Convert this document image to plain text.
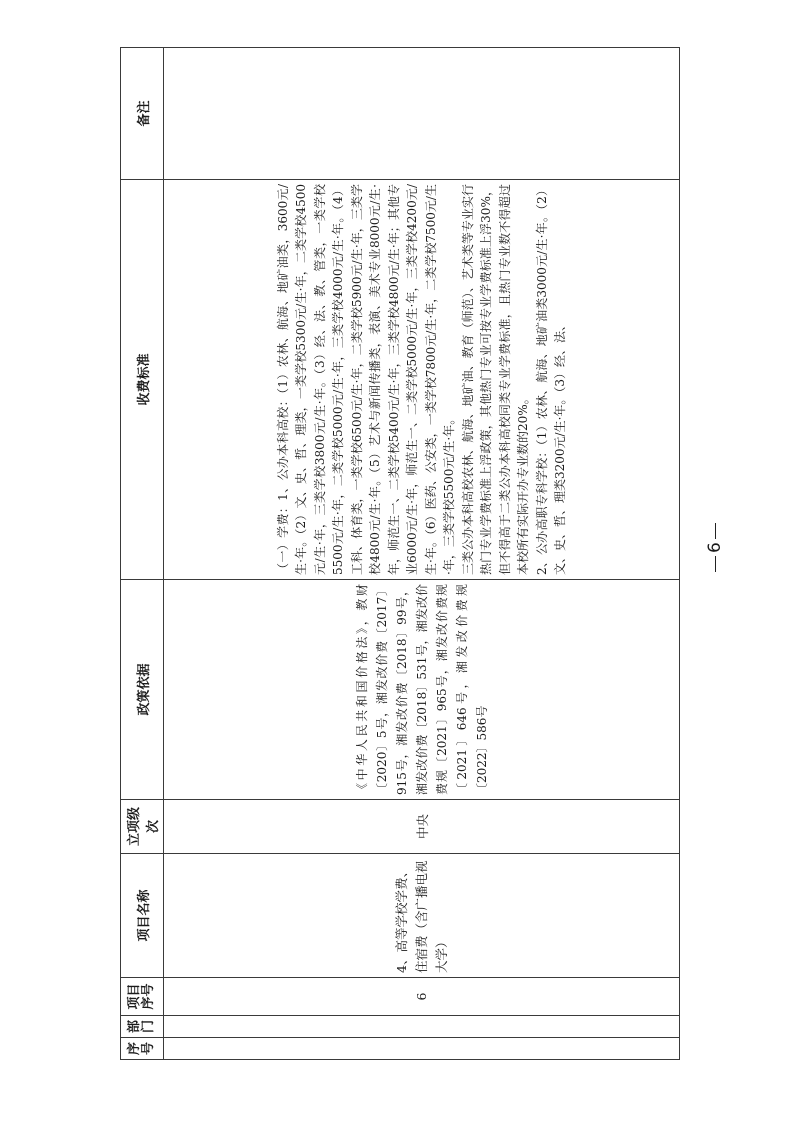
序号	部门	项目序号	项目名称	立项级次	政策依据	收费标准	备注
		6	4、高等学校学费、住宿费（含广播电视大学）	中央	《中华人民共和国价格法》，教财〔2020〕5号，湘发改价费〔2017〕915号，湘发改价费〔2018〕99号，湘发改价费〔2018〕531号，湘发改价费规〔2021〕965号，湘发改价费规〔2021〕646号，湘发改价费规〔2022〕586号	（一）学费：1、公办本科高校：（1）农林、航海、地矿油类，3600元/生·年。（2）文、史、哲、理类，一类学校5300元/生·年，二类学校4500元/生·年，三类学校3800元/生·年。（3）经、法、教、管类，一类学校5500元/生·年，二类学校5000元/生·年，三类学校4000元/生·年。（4）工科、体育类，一类学校6500元/生·年，二类学校5900元/生·年，三类学校4800元/生·年。（5）艺术与新闻传播类，表演、美术专业8000元/生·年，师范生一、二类学校5400元/生·年，三类学校4800元/生·年；其他专业6000元/生·年，师范生一、二类学校5000元/生·年，三类学校4200元/生·年。（6）医药、公安类，一类学校7800元/生·年，二类学校7500元/生·年，三类学校5500元/生·年。 三类公办本科高校农林、航海、地矿油、教育（师范）、艺术类等专业实行热门专业学费标准上浮政策，其他热门专业可按专业学费标准上浮30%，但不得高于二类公办本科高校同类专业学费标准，且热门专业数不得超过本校所有实际开办专业数的20%。 2、公办高职专科学校：（1）农林、航海、地矿油类3000元/生·年。（2）文、史、哲、理类3200元/生·年。（3）经、法、	

		6
